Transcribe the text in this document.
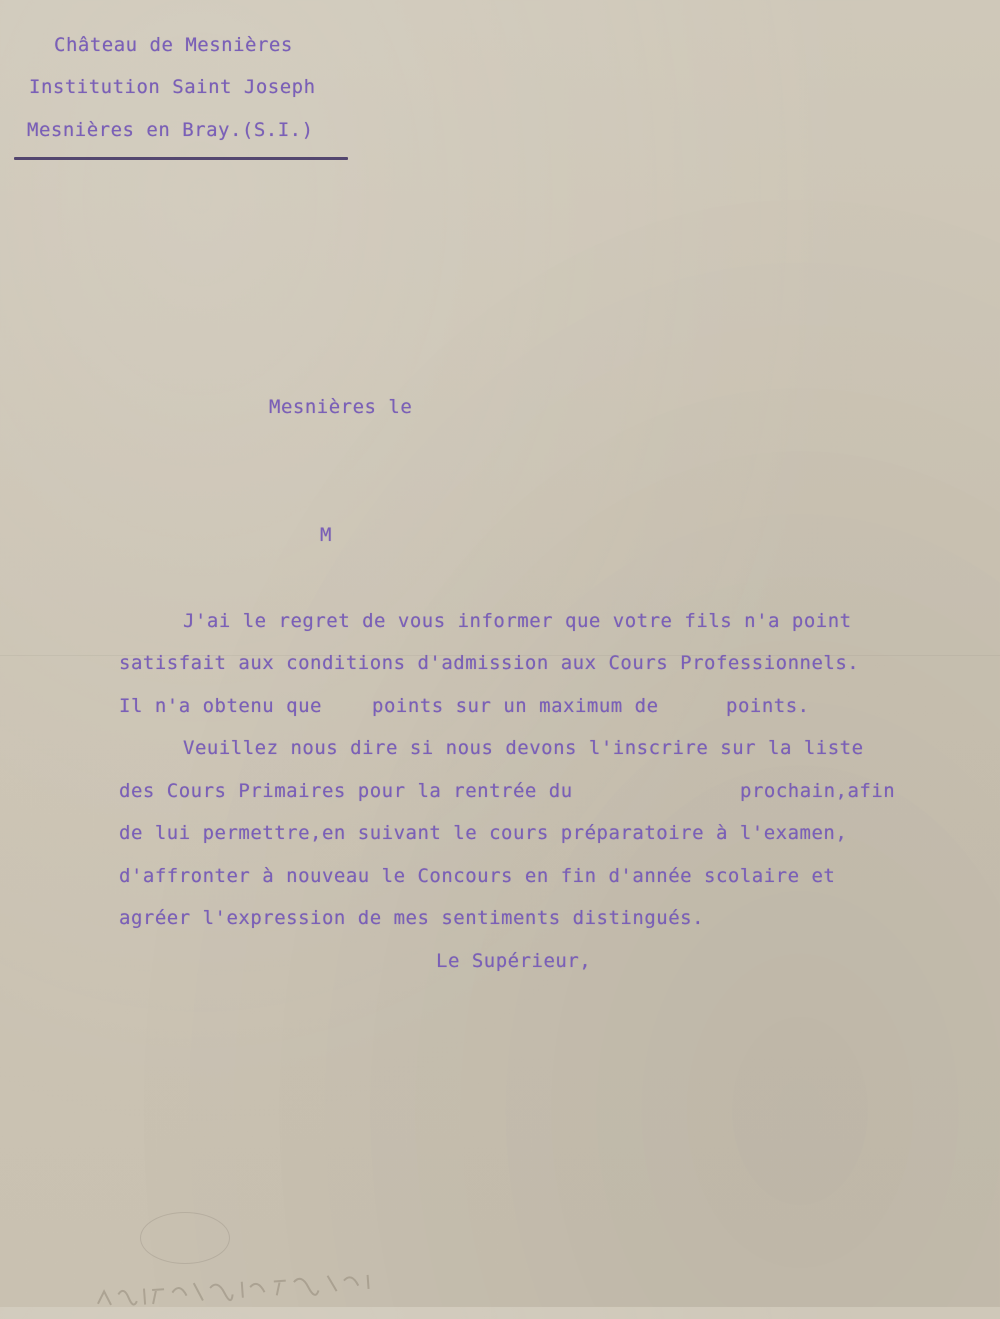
Château de Mesnières
Institution Saint Joseph
Mesnières en Bray.(S.I.)
Mesnières le
M
J'ai le regret de vous informer que votre fils n'a point
satisfait aux conditions d'admission aux Cours Professionnels.
Il n'a obtenu que	points sur un maximum de	points.
Veuillez nous dire si nous devons l'inscrire sur la liste
des Cours Primaires pour la rentrée du	prochain,afin
de lui permettre,en suivant le cours préparatoire à l'examen,
d'affronter à nouveau le Concours en fin d'année scolaire et
agréer l'expression de mes sentiments distingués.
Le Supérieur,
